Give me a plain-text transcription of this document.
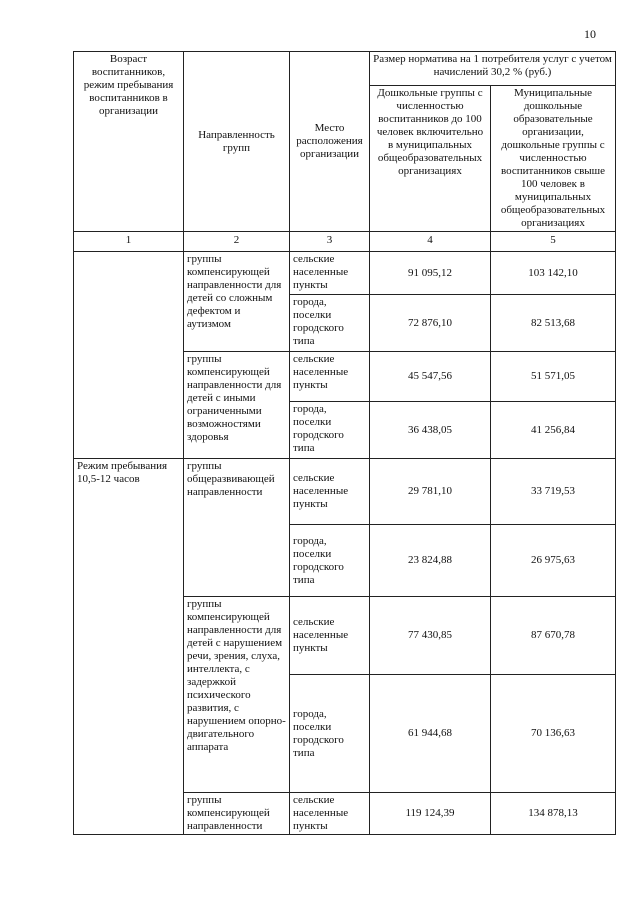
10
Возраст воспитанников, режим пребывания воспитанников в организации	Направленность групп	Место расположения организации	Размер норматива на 1 потребителя услуг с учетом начислений 30,2 % (руб.)	
			Дошкольные группы с численностью воспитанников до 100 человек включительно в муниципальных общеобразовательных организациях	Муниципальные дошкольные образовательные организации, дошкольные группы с численностью воспитанников свыше 100 человек в муниципальных общеобразовательных организациях
1	2	3	4	5
	группы компенсирующей направленности для детей со сложным дефектом и аутизмом	сельские населенные пункты	91 095,12	103 142,10
		города, поселки городского типа	72 876,10	82 513,68
	группы компенсирующей направленности для детей с иными ограниченными возможностями здоровья	сельские населенные пункты	45 547,56	51 571,05
		города, поселки городского типа	36 438,05	41 256,84
Режим пребывания 10,5-12 часов	группы общеразвивающей направленности	сельские населенные пункты	29 781,10	33 719,53
		города, поселки городского типа	23 824,88	26 975,63
	группы компенсирующей направленности для детей с нарушением речи, зрения, слуха, интеллекта, с задержкой психического развития, с нарушением опорно-двигательного аппарата	сельские населенные пункты	77 430,85	87 670,78
		города, поселки городского типа	61 944,68	70 136,63
	группы компенсирующей направленности	сельские населенные пункты	119 124,39	134 878,13
